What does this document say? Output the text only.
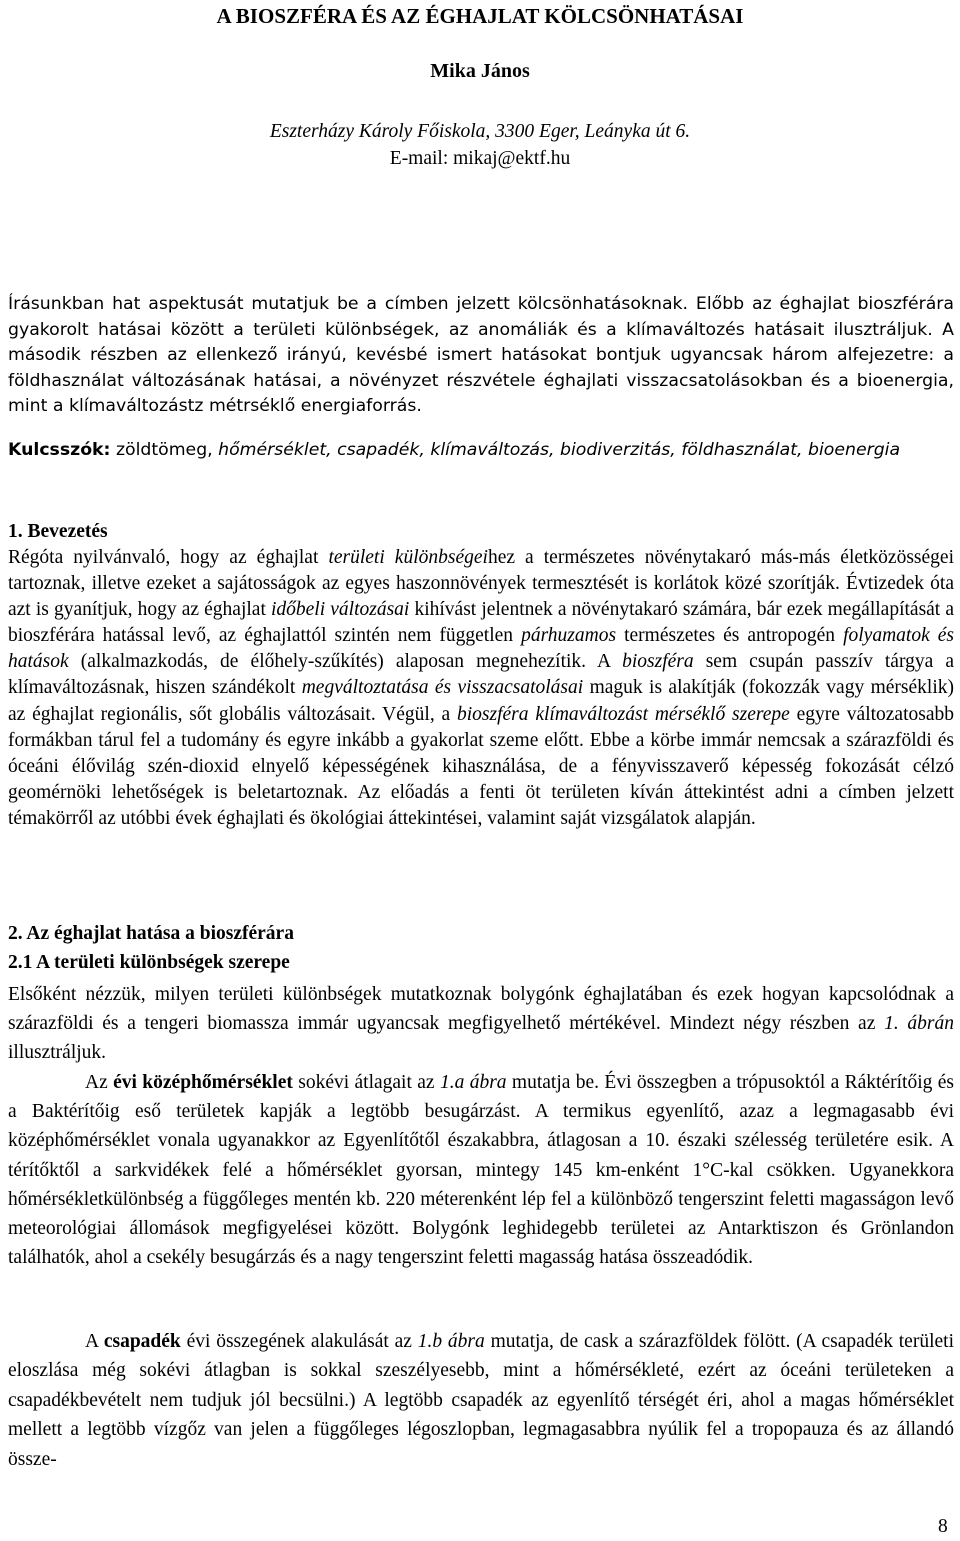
A BIOSZFÉRA ÉS AZ ÉGHAJLAT KÖLCSÖNHATÁSAI

Mika János

Eszterházy Károly Főiskola, 3300 Eger, Leányka út 6.

E-mail: mikaj@ektf.hu

Írásunkban hat aspektusát mutatjuk be a címben jelzett kölcsönhatásoknak. Előbb az éghajlat bioszférára gyakorolt hatásai között a területi különbségek, az anomáliák és a klímaváltozés hatásait ilusztráljuk. A második részben az ellenkező irányú, kevésbé ismert hatásokat bontjuk ugyancsak három alfejezetre: a földhasználat változásának hatásai, a növényzet részvétele éghajlati visszacsatolásokban és a bioenergia, mint a klímaváltozástz métrséklő energiaforrás.

Kulcsszók: zöldtömeg, hőmérséklet, csapadék, klímaváltozás, biodiverzitás, földhasználat, bioenergia

1. Bevezetés

Régóta nyilvánvaló, hogy az éghajlat területi különbségeihez a természetes növénytakaró más-más életközösségei tartoznak, illetve ezeket a sajátosságok az egyes haszonnövények termesztését is korlátok közé szorítják. Évtizedek óta azt is gyanítjuk, hogy az éghajlat időbeli változásai kihívást jelentnek a növénytakaró számára, bár ezek megállapítását a bioszférára hatással levő, az éghajlattól szintén nem független párhuzamos természetes és antropogén folyamatok és hatások (alkalmazkodás, de élőhely-szűkítés) alaposan megnehezítik. A bioszféra sem csupán passzív tárgya a klímaváltozásnak, hiszen szándékolt megváltoztatása és visszacsatolásai maguk is alakítják (fokozzák vagy mérséklik) az éghajlat regionális, sőt globális változásait. Végül, a bioszféra klímaváltozást mérséklő szerepe egyre változatosabb formákban tárul fel a tudomány és egyre inkább a gyakorlat szeme előtt. Ebbe a körbe immár nemcsak a szárazföldi és óceáni élővilág szén-dioxid elnyelő képességének kihasználása, de a fényvisszaverő képesség fokozását célzó geomérnöki lehetőségek is beletartoznak. Az előadás a fenti öt területen kíván áttekintést adni a címben jelzett témakörről az utóbbi évek éghajlati és ökológiai áttekintései, valamint saját vizsgálatok alapján.

2. Az éghajlat hatása a bioszférára

2.1 A területi különbségek szerepe

Elsőként nézzük, milyen területi különbségek mutatkoznak bolygónk éghajlatában és ezek hogyan kapcsolódnak a szárazföldi és a tengeri biomassza immár ugyancsak megfigyelhető mértékével. Mindezt négy részben az 1. ábrán illusztráljuk.

Az évi középhőmérséklet sokévi átlagait az 1.a ábra mutatja be. Évi összegben a trópusoktól a Ráktérítőig és a Baktérítőig eső területek kapják a legtöbb besugárzást. A termikus egyenlítő, azaz a legmagasabb évi középhőmérséklet vonala ugyanakkor az Egyenlítőtől északabbra, átlagosan a 10. északi szélesség területére esik. A térítőktől a sarkvidékek felé a hőmérséklet gyorsan, mintegy 145 km-enként 1°C-kal csökken. Ugyanekkora hőmérsékletkülönbség a függőleges mentén kb. 220 méterenként lép fel a különböző tengerszint feletti magasságon levő meteorológiai állomások megfigyelései között. Bolygónk leghidegebb területei az Antarktiszon és Grönlandon találhatók, ahol a csekély besugárzás és a nagy tengerszint feletti magasság hatása összeadódik.

A csapadék évi összegének alakulását az 1.b ábra mutatja, de cask a szárazföldek fölött. (A csapadék területi eloszlása még sokévi átlagban is sokkal szeszélyesebb, mint a hőmérsékleté, ezért az óceáni területeken a csapadékbevételt nem tudjuk jól becsülni.) A legtöbb csapadék az egyenlítő térségét éri, ahol a magas hőmérséklet mellett a legtöbb vízgőz van jelen a függőleges légoszlopban, legmagasabbra nyúlik fel a tropopauza és az állandó össze-

8
